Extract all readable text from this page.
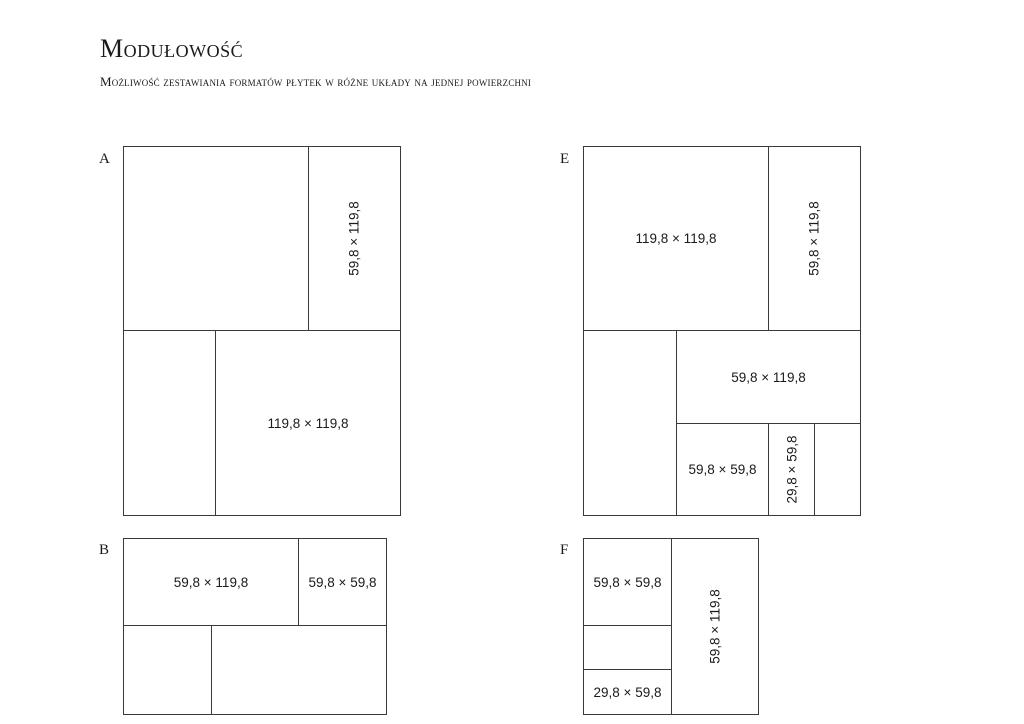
Modułowość
Możliwość zestawiania formatów płytek w różne układy na jednej powierzchni
A
59,8 × 119,8
119,8 × 119,8
B
59,8 × 119,8	59,8 × 59,8
E
119,8 × 119,8	59,8 × 119,8
59,8 × 119,8
59,8 × 59,8 29,8 × 59,8
F
59,8 × 59,8
59,8 × 119,8
29,8 × 59,8
